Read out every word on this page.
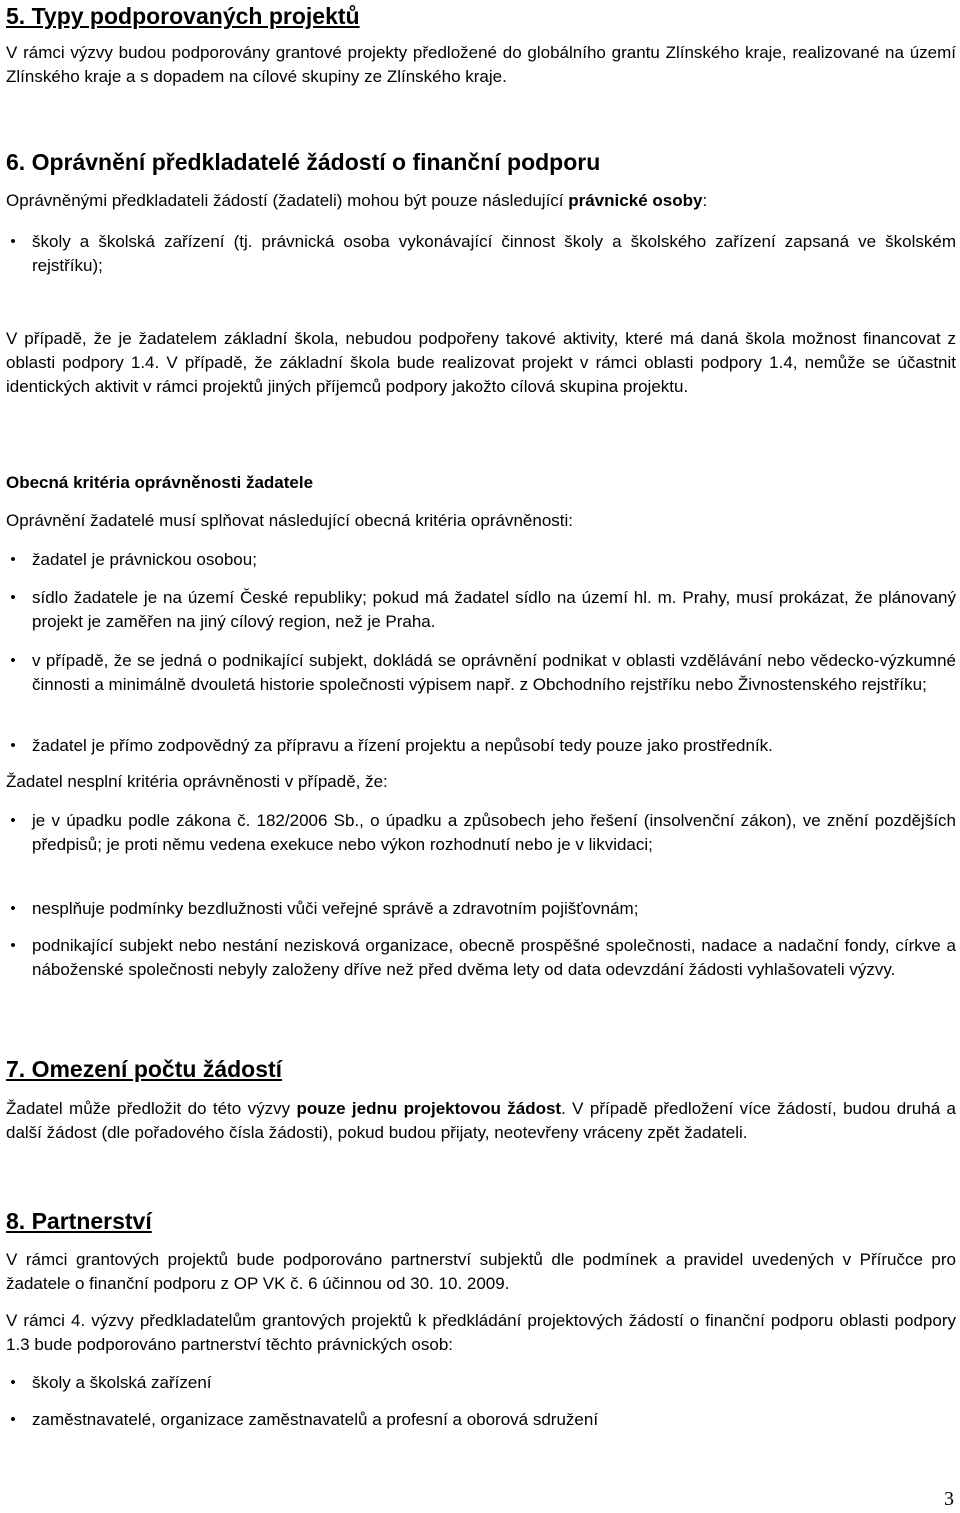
5. Typy podporovaných projektů

V rámci výzvy budou podporovány grantové projekty předložené do globálního grantu Zlínského kraje, realizované na území Zlínského kraje a s dopadem na cílové skupiny ze Zlínského kraje.

6. Oprávnění předkladatelé žádostí o finanční podporu

Oprávněnými předkladateli žádostí (žadateli) mohou být pouze následující právnické osoby:

• školy a školská zařízení (tj. právnická osoba vykonávající činnost školy a školského zařízení zapsaná ve školském rejstříku);

V případě, že je žadatelem základní škola, nebudou podpořeny takové aktivity, které má daná škola možnost financovat z oblasti podpory 1.4. V případě, že základní škola bude realizovat projekt v rámci oblasti podpory 1.4, nemůže se účastnit identických aktivit v rámci projektů jiných příjemců podpory jakožto cílová skupina projektu.

Obecná kritéria oprávněnosti žadatele

Oprávnění žadatelé musí splňovat následující obecná kritéria oprávněnosti:

• žadatel je právnickou osobou;
• sídlo žadatele je na území České republiky; pokud má žadatel sídlo na území hl. m. Prahy, musí prokázat, že plánovaný projekt je zaměřen na jiný cílový region, než je Praha.
• v případě, že se jedná o podnikající subjekt, dokládá se oprávnění podnikat v oblasti vzdělávání nebo vědecko-výzkumné činnosti a minimálně dvouletá historie společnosti výpisem např. z Obchodního rejstříku nebo Živnostenského rejstříku;
• žadatel je přímo zodpovědný za přípravu a řízení projektu a nepůsobí tedy pouze jako prostředník.

Žadatel nesplní kritéria oprávněnosti v případě, že:

• je v úpadku podle zákona č. 182/2006 Sb., o úpadku a způsobech jeho řešení (insolvenční zákon), ve znění pozdějších předpisů; je proti němu vedena exekuce nebo výkon rozhodnutí nebo je v likvidaci;
• nesplňuje podmínky bezdlužnosti vůči veřejné správě a zdravotním pojišťovnám;
• podnikající subjekt nebo nestání nezisková organizace, obecně prospěšné společnosti, nadace a nadační fondy, církve a náboženské společnosti nebyly založeny dříve než před dvěma lety od data odevzdání žádosti vyhlašovateli výzvy.
7. Omezení počtu žádostí

Žadatel může předložit do této výzvy pouze jednu projektovou žádost. V případě předložení více žádostí, budou druhá a další žádost (dle pořadového čísla žádosti), pokud budou přijaty, neotevřeny vráceny zpět žadateli.

8. Partnerství

V rámci grantových projektů bude podporováno partnerství subjektů dle podmínek a pravidel uvedených v Příručce pro žadatele o finanční podporu z OP VK č. 6 účinnou od 30. 10. 2009.

V rámci 4. výzvy předkladatelům grantových projektů k předkládání projektových žádostí o finanční podporu oblasti podpory 1.3 bude podporováno partnerství těchto právnických osob:

• školy a školská zařízení
• zaměstnavatelé, organizace zaměstnavatelů a profesní a oborová sdružení
3
